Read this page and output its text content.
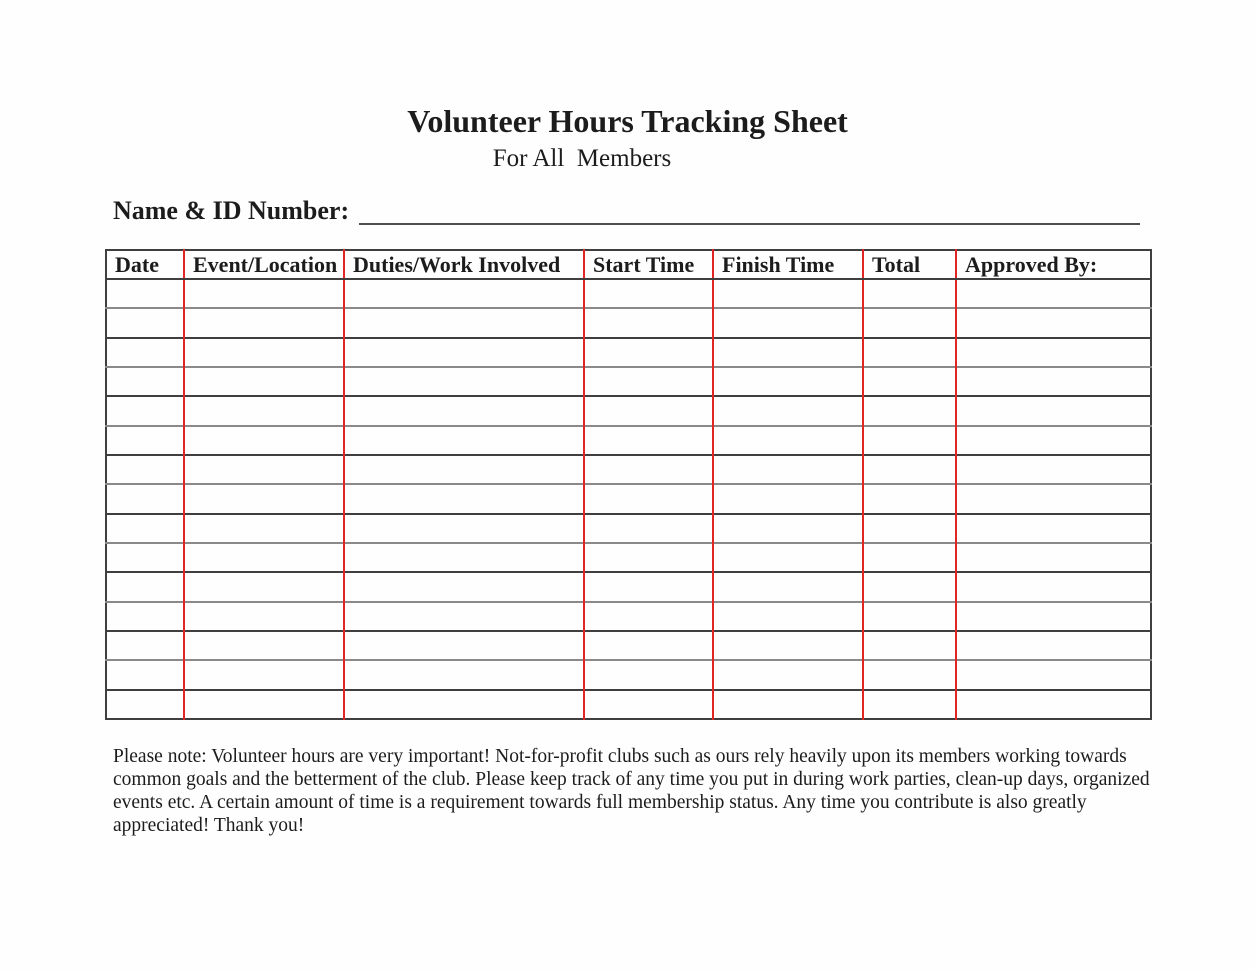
Volunteer Hours Tracking Sheet
For All  Members
Name & ID Number:
Date	Event/Location	Duties/Work Involved	Start Time	Finish Time	Total	Approved By:

Please note: Volunteer hours are very important! Not-for-profit clubs such as ours rely heavily upon its members working towards
common goals and the betterment of the club. Please keep track of any time you put in during work parties, clean-up days, organized
events etc. A certain amount of time is a requirement towards full membership status. Any time you contribute is also greatly
appreciated! Thank you!
